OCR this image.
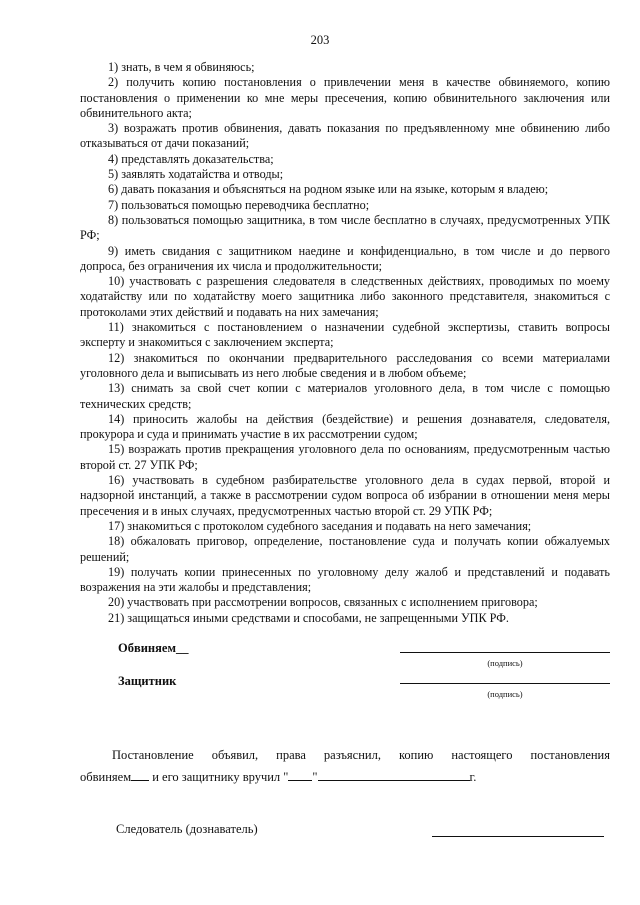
203

1) знать, в чем я обвиняюсь;

2) получить копию постановления о привлечении меня в качестве обвиняемого, копию постановления о применении ко мне меры пресечения, копию обвинительного заключения или обвинительного акта;

3) возражать против обвинения, давать показания по предъявленному мне обвинению либо отказываться от дачи показаний;

4) представлять доказательства;

5) заявлять ходатайства и отводы;

6) давать показания и объясняться на родном языке или на языке, которым я владею;

7) пользоваться помощью переводчика бесплатно;

8) пользоваться помощью защитника, в том числе бесплатно в случаях, предусмотренных УПК РФ;

9) иметь свидания с защитником наедине и конфиденциально, в том числе и до первого допроса, без ограничения их числа и продолжительности;

10) участвовать с разрешения следователя в следственных действиях, проводимых по моему ходатайству или по ходатайству моего защитника либо законного представителя, знакомиться с протоколами этих действий и подавать на них замечания;

11) знакомиться с постановлением о назначении судебной экспертизы, ставить вопросы эксперту и знакомиться с заключением эксперта;

12) знакомиться по окончании предварительного расследования со всеми материалами уголовного дела и выписывать из него любые сведения и в любом объеме;

13) снимать за свой счет копии с материалов уголовного дела, в том числе с помощью технических средств;

14) приносить жалобы на действия (бездействие) и решения дознавателя, следователя, прокурора и суда и принимать участие в их рассмотрении судом;

15) возражать против прекращения уголовного дела по основаниям, предусмотренным частью второй ст. 27 УПК РФ;

16) участвовать в судебном разбирательстве уголовного дела в судах первой, второй и надзорной инстанций, а также в рассмотрении судом вопроса об избрании в отношении меня меры пресечения и в иных случаях, предусмотренных частью второй ст. 29 УПК РФ;

17) знакомиться с протоколом судебного заседания и подавать на него замечания;

18) обжаловать приговор, определение, постановление суда и получать копии обжалуемых решений;

19) получать копии принесенных по уголовному делу жалоб и представлений и подавать возражения на эти жалобы и представления;

20) участвовать при рассмотрении вопросов, связанных с исполнением приговора;

21) защищаться иными средствами и способами, не запрещенными УПК РФ.

Обвиняем__
(подпись)
Защитник
(подпись)
Постановление объявил, права разъяснил, копию настоящего постановления
обвиняем и его защитнику вручил " "	г.
Следователь (дознаватель)
